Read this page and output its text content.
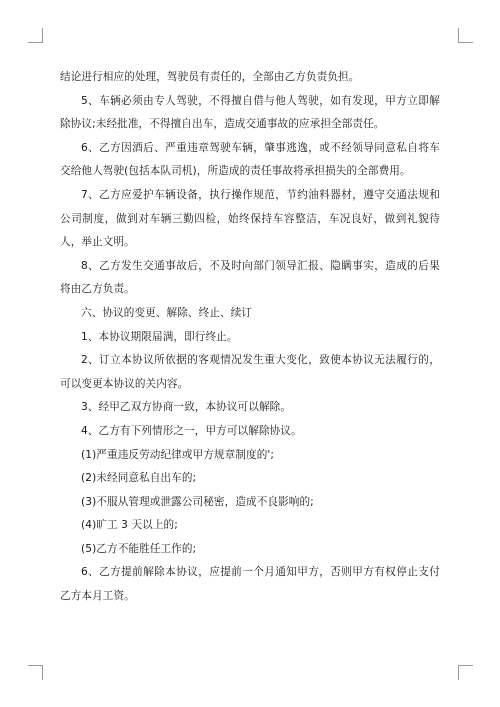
结论进行相应的处理，驾驶员有责任的，全部由乙方负责负担。

5、车辆必须由专人驾驶，不得擅自借与他人驾驶，如有发现，甲方立即解除协议;未经批准，不得擅自出车，造成交通事故的应承担全部责任。

6、乙方因酒后、严重违章驾驶车辆，肇事逃逸，或不经领导同意私自将车交给他人驾驶(包括本队司机)，所造成的责任事故将承担损失的全部费用。

7、乙方应爱护车辆设备，执行操作规范，节约油料器材，遵守交通法规和公司制度，做到对车辆三勤四检，始终保持车容整洁，车况良好，做到礼貌待人，举止文明。

8、乙方发生交通事故后，不及时向部门领导汇报、隐瞒事实，造成的后果将由乙方负责。

六、协议的变更、解除、终止、续订

1、本协议期限届满，即行终止。

2、订立本协议所依据的客观情况发生重大变化，致使本协议无法履行的，可以变更本协议的关内容。

3、经甲乙双方协商一致，本协议可以解除。

4、乙方有下列情形之一，甲方可以解除协议。

(1)严重违反劳动纪律或甲方规章制度的';

(2)未经同意私自出车的;

(3)不服从管理或泄露公司秘密，造成不良影响的;

(4)旷工 3 天以上的;

(5)乙方不能胜任工作的;

6、乙方提前解除本协议，应提前一个月通知甲方，否则甲方有权停止支付乙方本月工资。
